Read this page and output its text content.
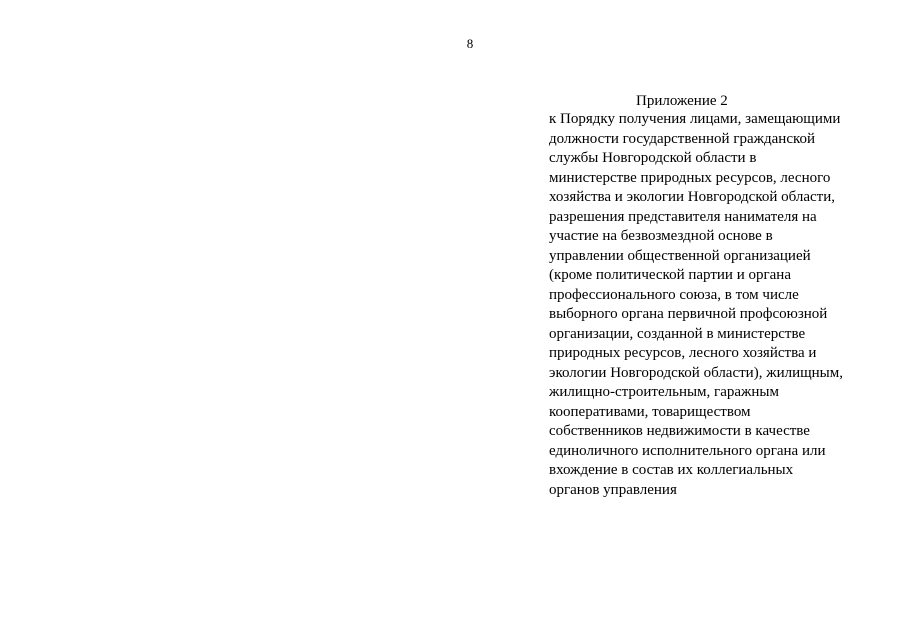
8
Приложение 2
к Порядку получения лицами, замещающими
должности государственной гражданской
службы Новгородской области в
министерстве природных ресурсов, лесного
хозяйства и экологии Новгородской области,
разрешения представителя нанимателя на
участие на безвозмездной основе в
управлении общественной организацией
(кроме политической партии и органа
профессионального союза, в том числе
выборного органа первичной профсоюзной
организации, созданной в министерстве
природных ресурсов, лесного хозяйства и
экологии Новгородской области), жилищным,
жилищно-строительным, гаражным
кооперативами, товариществом
собственников недвижимости в качестве
единоличного исполнительного органа или
вхождение в состав их коллегиальных
органов управления
